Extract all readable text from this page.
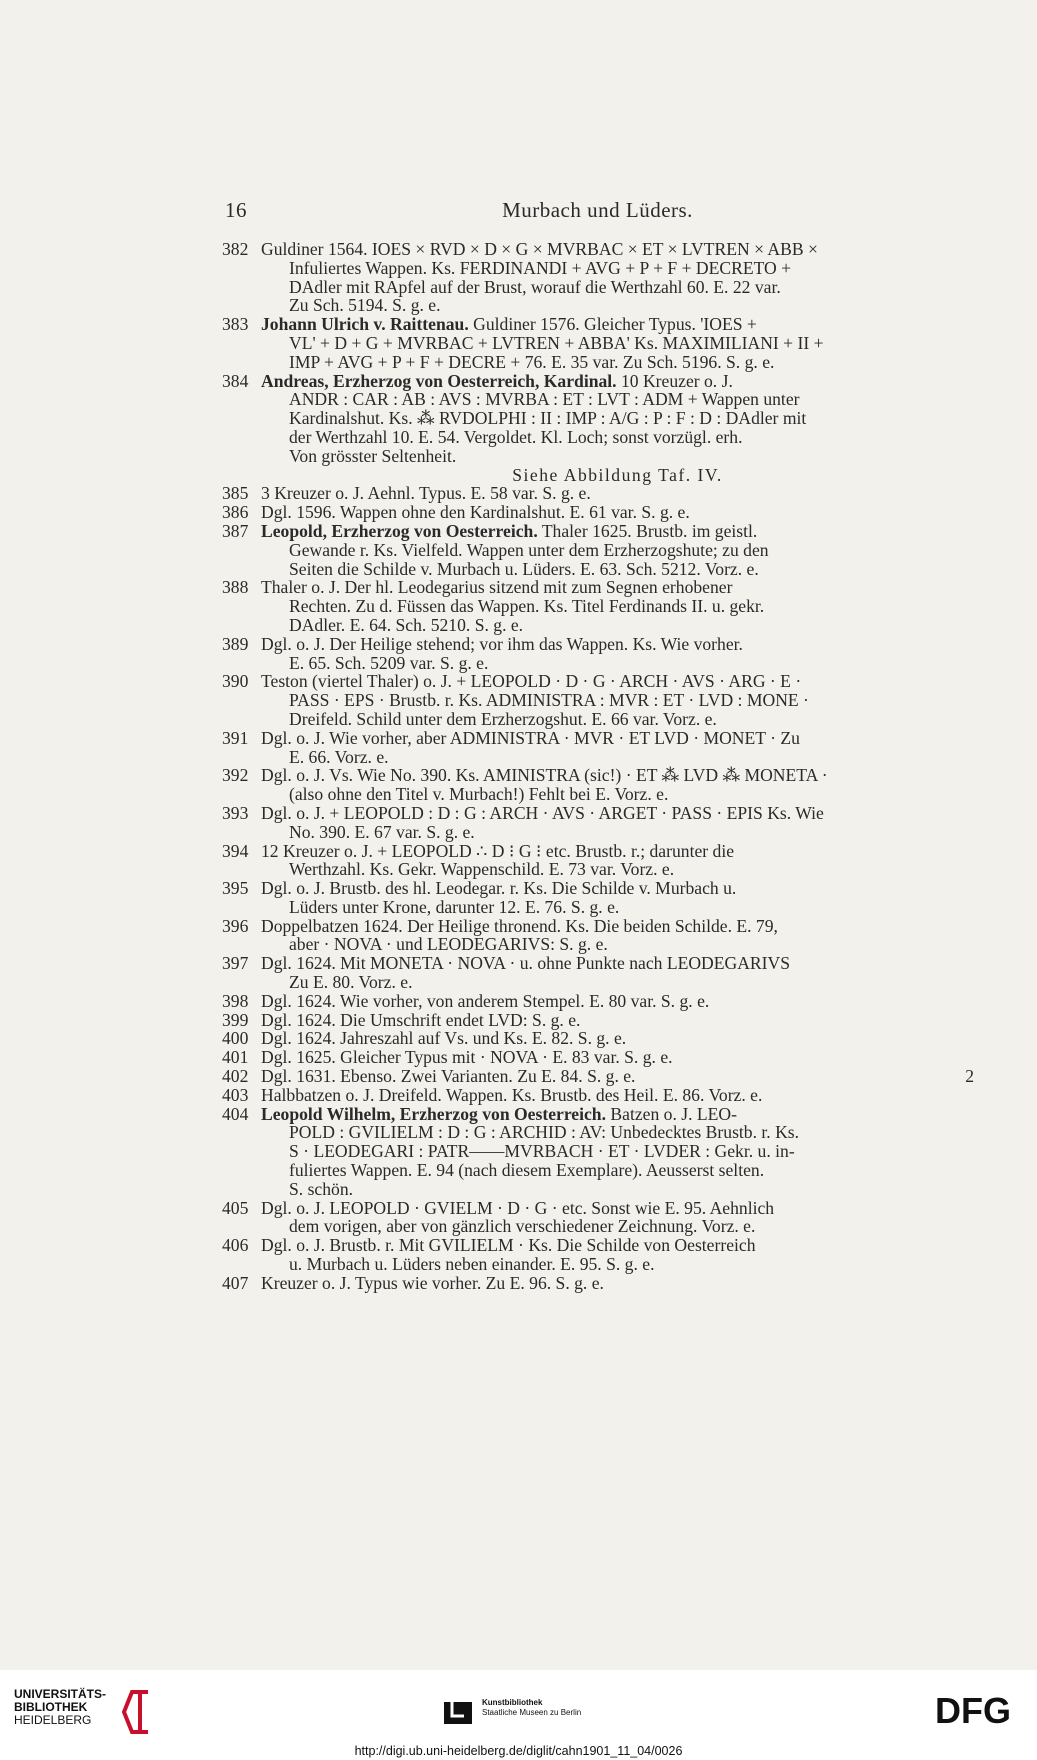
16	Murbach und Lüders.
382 Guldiner 1564. IOES × RVD × D × G × MVRBAC × ET × LVTREN × ABB ×
Infuliertes Wappen. Ks. FERDINANDI + AVG + P + F + DECRETO +
DAdler mit RApfel auf der Brust, worauf die Werthzahl 60. E. 22 var.
Zu Sch. 5194. S. g. e.
383 Johann Ulrich v. Raittenau. Guldiner 1576. Gleicher Typus. 'IOES +
VL' + D + G + MVRBAC + LVTREN + ABBA' Ks. MAXIMILIANI + II +
IMP + AVG + P + F + DECRE + 76. E. 35 var. Zu Sch. 5196. S. g. e.
384 Andreas, Erzherzog von Oesterreich, Kardinal. 10 Kreuzer o. J.
ANDR : CAR : AB : AVS : MVRBA : ET : LVT : ADM + Wappen unter
Kardinalshut. Ks. ⁂ RVDOLPHI : II : IMP : A/G : P : F : D : DAdler mit
der Werthzahl 10. E. 54. Vergoldet. Kl. Loch; sonst vorzügl. erh.
Von grösster Seltenheit.
Siehe Abbildung Taf. IV.
385 3 Kreuzer o. J. Aehnl. Typus. E. 58 var. S. g. e.
386 Dgl. 1596. Wappen ohne den Kardinalshut. E. 61 var. S. g. e.
387 Leopold, Erzherzog von Oesterreich. Thaler 1625. Brustb. im geistl.
Gewande r. Ks. Vielfeld. Wappen unter dem Erzherzogshute; zu den
Seiten die Schilde v. Murbach u. Lüders. E. 63. Sch. 5212. Vorz. e.
388 Thaler o. J. Der hl. Leodegarius sitzend mit zum Segnen erhobener
Rechten. Zu d. Füssen das Wappen. Ks. Titel Ferdinands II. u. gekr.
DAdler. E. 64. Sch. 5210. S. g. e.
389 Dgl. o. J. Der Heilige stehend; vor ihm das Wappen. Ks. Wie vorher.
E. 65. Sch. 5209 var. S. g. e.
390 Teston (viertel Thaler) o. J. + LEOPOLD · D · G · ARCH · AVS · ARG · E ·
PASS · EPS · Brustb. r. Ks. ADMINISTRA : MVR : ET · LVD : MONE ·
Dreifeld. Schild unter dem Erzherzogshut. E. 66 var. Vorz. e.
391 Dgl. o. J. Wie vorher, aber ADMINISTRA · MVR · ET LVD · MONET · Zu
E. 66. Vorz. e.
392 Dgl. o. J. Vs. Wie No. 390. Ks. AMINISTRA (sic!) · ET ⁂ LVD ⁂ MONETA ·
(also ohne den Titel v. Murbach!) Fehlt bei E. Vorz. e.
393 Dgl. o. J. + LEOPOLD : D : G : ARCH · AVS · ARGET · PASS · EPIS Ks. Wie
No. 390. E. 67 var. S. g. e.
394 12 Kreuzer o. J. + LEOPOLD ∴ D ⁝ G ⁝ etc. Brustb. r.; darunter die
Werthzahl. Ks. Gekr. Wappenschild. E. 73 var. Vorz. e.
395 Dgl. o. J. Brustb. des hl. Leodegar. r. Ks. Die Schilde v. Murbach u.
Lüders unter Krone, darunter 12. E. 76. S. g. e.
396 Doppelbatzen 1624. Der Heilige thronend. Ks. Die beiden Schilde. E. 79,
aber · NOVA · und LEODEGARIVS: S. g. e.
397 Dgl. 1624. Mit MONETA · NOVA · u. ohne Punkte nach LEODEGARIVS
Zu E. 80. Vorz. e.
398 Dgl. 1624. Wie vorher, von anderem Stempel. E. 80 var. S. g. e.
399 Dgl. 1624. Die Umschrift endet LVD: S. g. e.
400 Dgl. 1624. Jahreszahl auf Vs. und Ks. E. 82. S. g. e.
401 Dgl. 1625. Gleicher Typus mit · NOVA · E. 83 var. S. g. e.
402 Dgl. 1631. Ebenso. Zwei Varianten. Zu E. 84. S. g. e.	2
403 Halbbatzen o. J. Dreifeld. Wappen. Ks. Brustb. des Heil. E. 86. Vorz. e.
404 Leopold Wilhelm, Erzherzog von Oesterreich. Batzen o. J. LEO-
POLD : GVILIELM : D : G : ARCHID : AV: Unbedecktes Brustb. r. Ks.
S · LEODEGARI : PATR——MVRBACH · ET · LVDER : Gekr. u. in-
fuliertes Wappen. E. 94 (nach diesem Exemplare). Aeusserst selten.
S. schön.
405 Dgl. o. J. LEOPOLD · GVIELM · D · G · etc. Sonst wie E. 95. Aehnlich
dem vorigen, aber von gänzlich verschiedener Zeichnung. Vorz. e.
406 Dgl. o. J. Brustb. r. Mit GVILIELM · Ks. Die Schilde von Oesterreich
u. Murbach u. Lüders neben einander. E. 95. S. g. e.
407 Kreuzer o. J. Typus wie vorher. Zu E. 96. S. g. e.
UNIVERSITÄTS-
BIBLIOTHEK
HEIDELBERG
Kunstbibliothek
Staatliche Museen zu Berlin	DFG
http://digi.ub.uni-heidelberg.de/diglit/cahn1901_11_04/0026
